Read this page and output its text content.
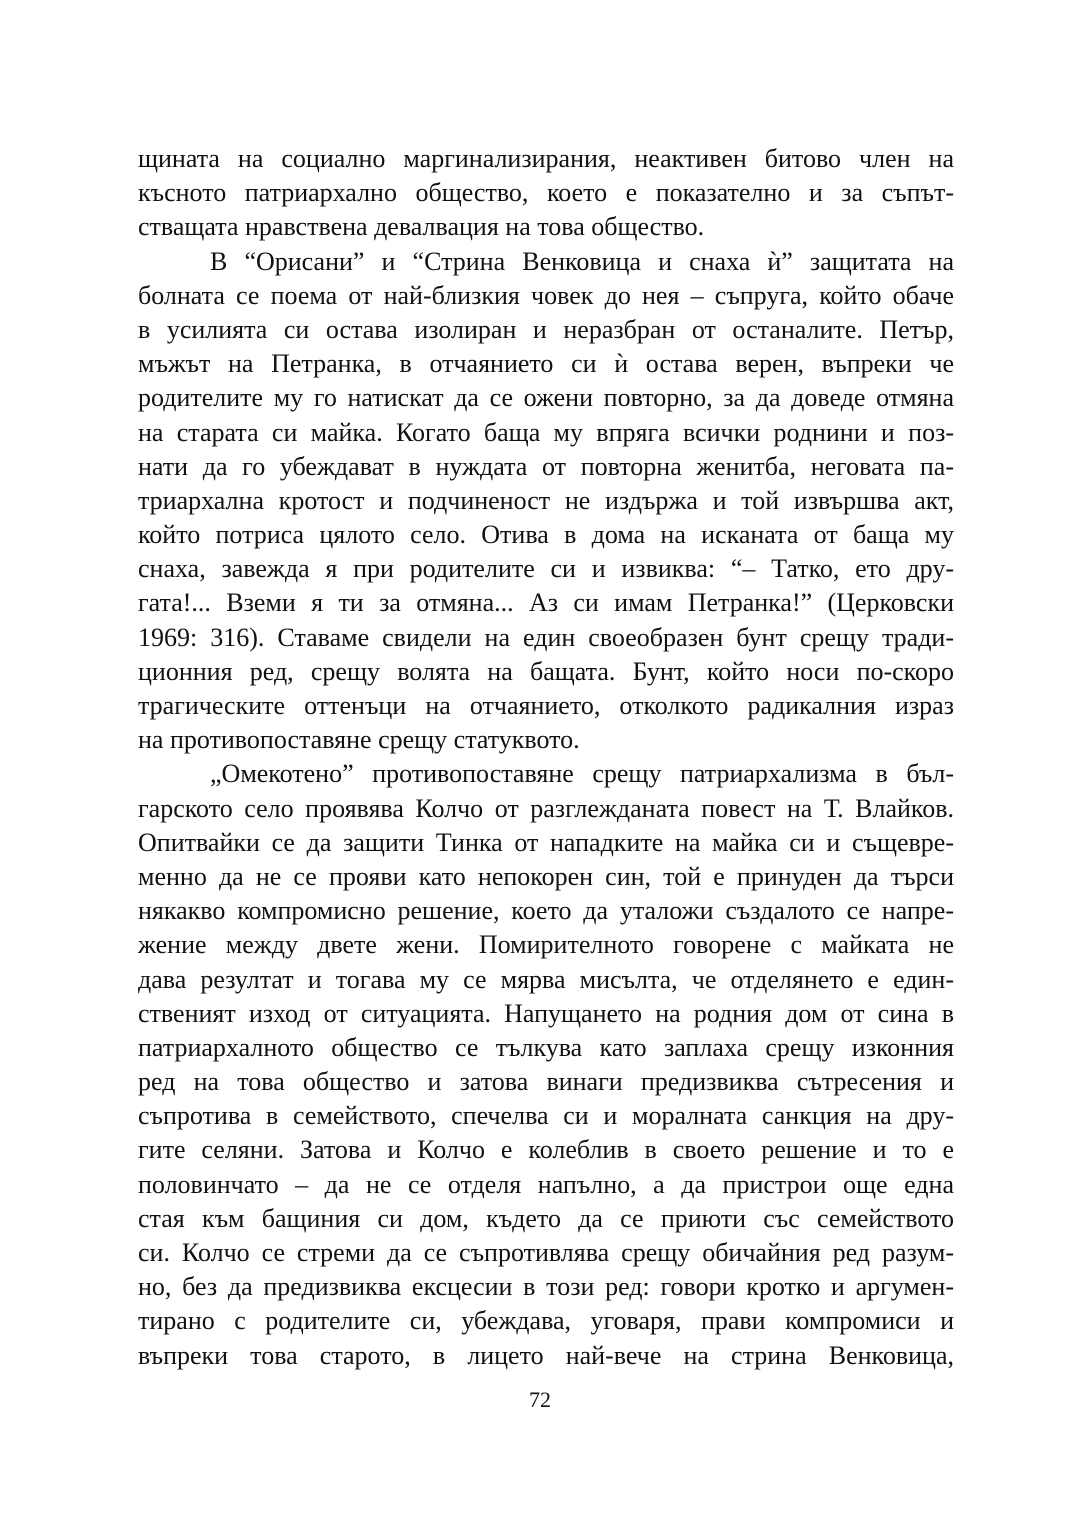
щината на социално маргинализирания, неактивен битово член на
късното патриархално общество, което е показателно и за съпът-
стващата нравствена девалвация на това общество.
В “Орисани” и “Стрина Венковица и снаха ѝ” защитата на
болната се поема от най-близкия човек до нея – съпруга, който обаче
в усилията си остава изолиран и неразбран от останалите. Петър,
мъжът на Петранка, в отчаянието си ѝ остава верен, въпреки че
родителите му го натискат да се ожени повторно, за да доведе отмяна
на старата си майка. Когато баща му впряга всички роднини и поз-
нати да го убеждават в нуждата от повторна женитба, неговата па-
триархална кротост и подчиненост не издържа и той извършва акт,
който потриса цялото село. Отива в дома на исканата от баща му
снаха, завежда я при родителите си и извиква: “– Татко, ето дру-
гата!... Вземи я ти за отмяна... Аз си имам Петранка!” (Церковски
1969: 316). Ставаме свидели на един своеобразен бунт срещу тради-
ционния ред, срещу волята на бащата. Бунт, който носи по-скоро
трагическите оттенъци на отчаянието, отколкото радикалния израз
на противопоставяне срещу статуквото.
„Омекотено” противопоставяне срещу патриархализма в бъл-
гарското село проявява Колчо от разглежданата повест на Т. Влайков.
Опитвайки се да защити Тинка от нападките на майка си и същевре-
менно да не се прояви като непокорен син, той е принуден да търси
някакво компромисно решение, което да уталожи създалото се напре-
жение между двете жени. Помирителното говорене с майката не
дава резултат и тогава му се мярва мисълта, че отделянето е един-
ственият изход от ситуацията. Напущането на родния дом от сина в
патриархалното общество се тълкува като заплаха срещу изконния
ред на това общество и затова винаги предизвиква сътресения и
съпротива в семейството, спечелва си и моралната санкция на дру-
гите селяни. Затова и Колчо е колеблив в своето решение и то е
половинчато – да не се отделя напълно, а да пристрои още една
стая към бащиния си дом, където да се приюти със семейството
си. Колчо се стреми да се съпротивлява срещу обичайния ред разум-
но, без да предизвиква ексцесии в този ред: говори кротко и аргумен-
тирано с родителите си, убеждава, уговаря, прави компромиси и
въпреки това старото, в лицето най-вече на стрина Венковица,
72
